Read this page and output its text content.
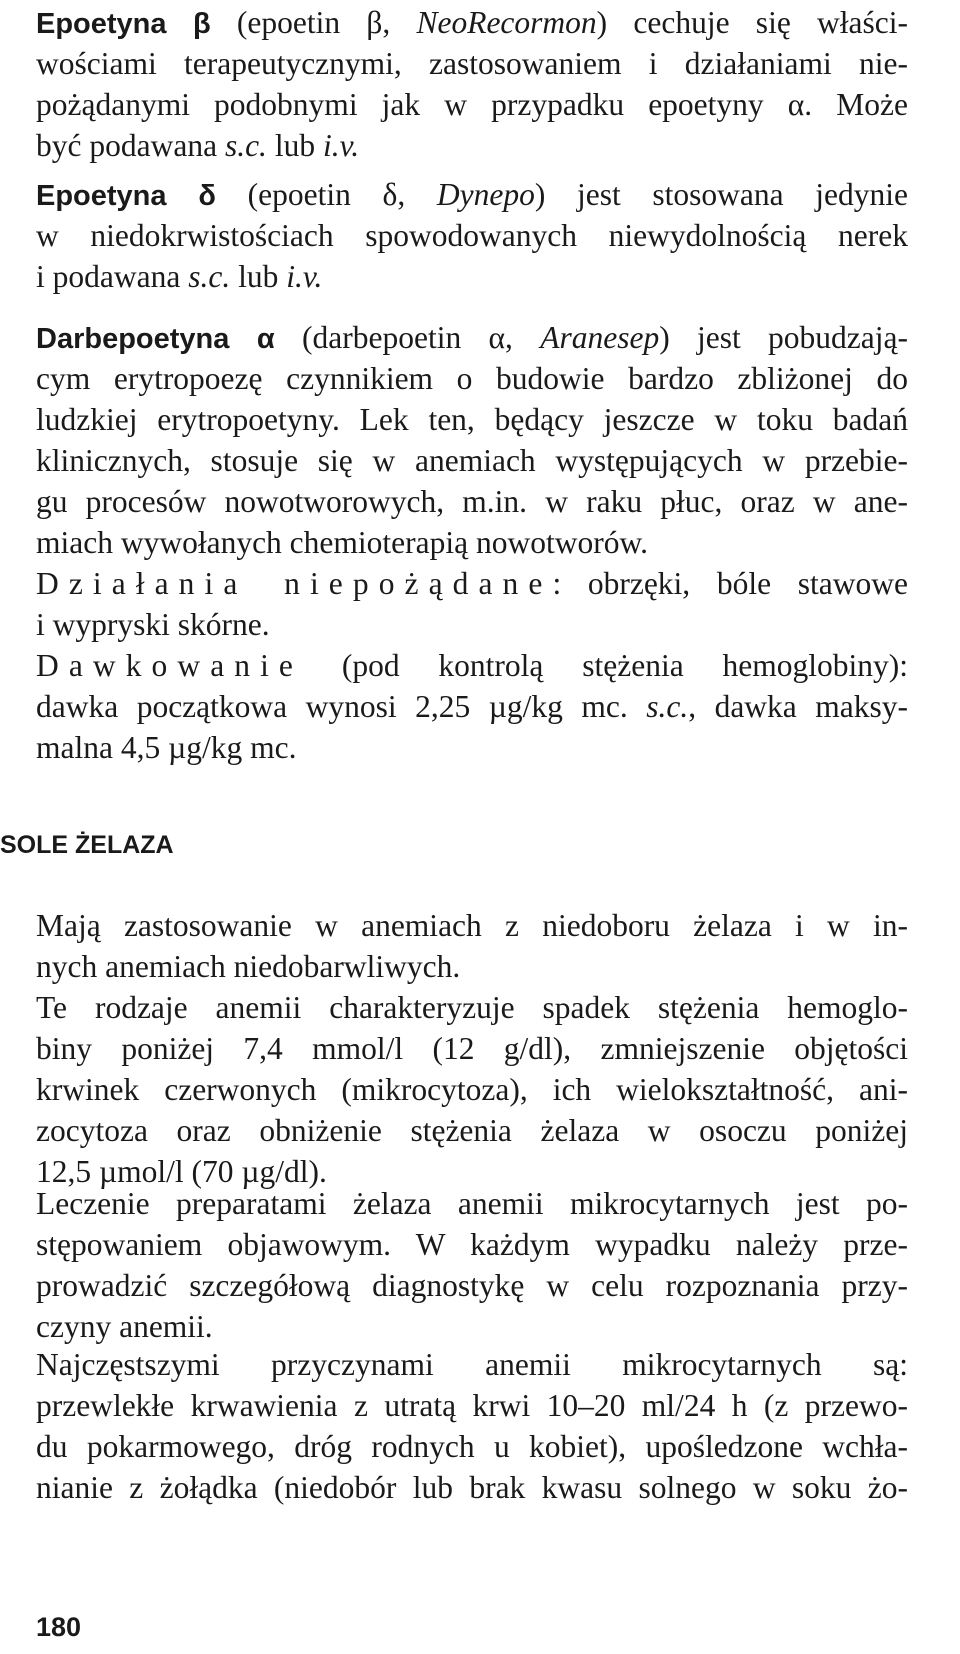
Epoetyna β (epoetin β, NeoRecormon) cechuje się właści-
wościami terapeutycznymi, zastosowaniem i działaniami nie-
pożądanymi podobnymi jak w przypadku epoetyny α. Może
być podawana s.c. lub i.v.
Epoetyna δ (epoetin δ, Dynepo) jest stosowana jedynie
w niedokrwistościach spowodowanych niewydolnością nerek
i podawana s.c. lub i.v.
Darbepoetyna α (darbepoetin α, Aranesep) jest pobudzają-
cym erytropoezę czynnikiem o budowie bardzo zbliżonej do
ludzkiej erytropoetyny. Lek ten, będący jeszcze w toku badań
klinicznych, stosuje się w anemiach występujących w przebie-
gu procesów nowotworowych, m.in. w raku płuc, oraz w ane-
miach wywołanych chemioterapią nowotworów.
Działania niepożądane: obrzęki, bóle stawowe
i wypryski skórne.
Dawkowanie (pod kontrolą stężenia hemoglobiny):
dawka początkowa wynosi 2,25 µg/kg mc. s.c., dawka maksy-
malna 4,5 µg/kg mc.
SOLE ŻELAZA
Mają zastosowanie w anemiach z niedoboru żelaza i w in-
nych anemiach niedobarwliwych.
Te rodzaje anemii charakteryzuje spadek stężenia hemoglo-
biny poniżej 7,4 mmol/l (12 g/dl), zmniejszenie objętości
krwinek czerwonych (mikrocytoza), ich wielokształtność, ani-
zocytoza oraz obniżenie stężenia żelaza w osoczu poniżej
12,5 µmol/l (70 µg/dl).
Leczenie preparatami żelaza anemii mikrocytarnych jest po-
stępowaniem objawowym. W każdym wypadku należy prze-
prowadzić szczegółową diagnostykę w celu rozpoznania przy-
czyny anemii.
Najczęstszymi przyczynami anemii mikrocytarnych są:
przewlekłe krwawienia z utratą krwi 10–20 ml/24 h (z przewo-
du pokarmowego, dróg rodnych u kobiet), upośledzone wchła-
nianie z żołądka (niedobór lub brak kwasu solnego w soku żo-
180
